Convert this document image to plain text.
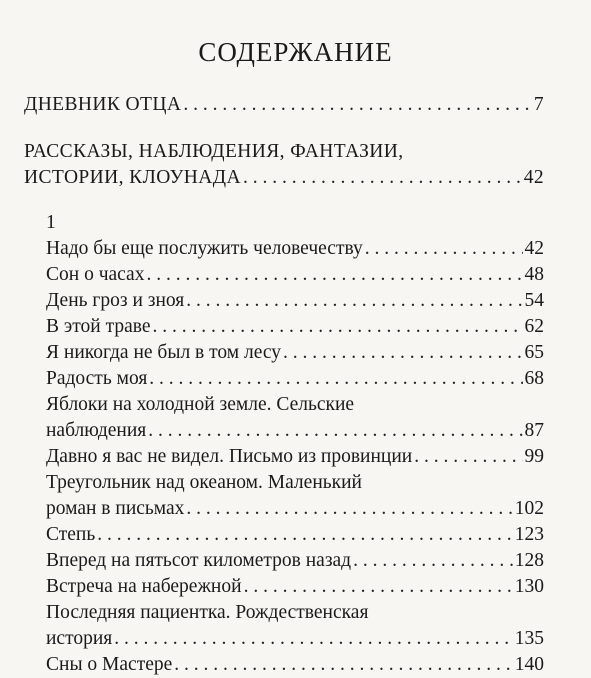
СОДЕРЖАНИЕ
ДНЕВНИК ОТЦА . . .	7
РАССКАЗЫ, НАБЛЮДЕНИЯ, ФАНТАЗИИ,
ИСТОРИИ, КЛОУНАДА . . .	42
1
Надо бы еще послужить человечеству . . .	42
Сон о часах . . .	48
День гроз и зноя . . .	54
В этой траве . . .	62
Я никогда не был в том лесу . . .	65
Радость моя . . .	68
Яблоки на холодной земле. Сельские
наблюдения . . .	87
Давно я вас не видел. Письмо из провинции . . .	99
Треугольник над океаном. Маленький
роман в письмах . . .	102
Степь . . .	123
Вперед на пятьсот километров назад . . .	128
Встреча на набережной . . .	130
Последняя пациентка. Рождественская
история . . .	135
Сны о Мастере . . .	140
